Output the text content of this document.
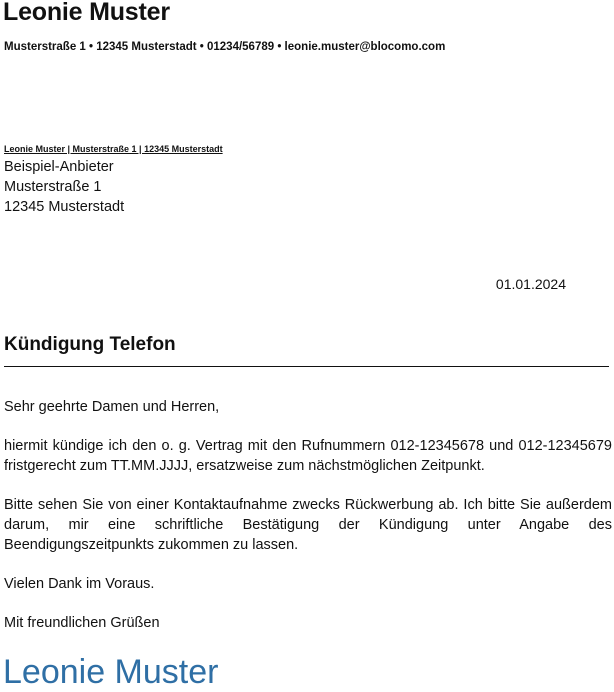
Leonie Muster
Musterstraße 1 • 12345 Musterstadt • 01234/56789 • leonie.muster@blocomo.com
Leonie Muster | Musterstraße 1 | 12345 Musterstadt
Beispiel-Anbieter
Musterstraße 1
12345 Musterstadt
01.01.2024
Kündigung Telefon

Sehr geehrte Damen und Herren,

hiermit kündige ich den o. g. Vertrag mit den Rufnummern 012-12345678 und 012-12345679 fristgerecht zum TT.MM.JJJJ, ersatzweise zum nächstmöglichen Zeitpunkt.

Bitte sehen Sie von einer Kontaktaufnahme zwecks Rückwerbung ab. Ich bitte Sie außerdem darum, mir eine schriftliche Bestätigung der Kündigung unter Angabe des Beendigungszeitpunkts zukommen zu lassen.

Vielen Dank im Voraus.

Mit freundlichen Grüßen

Leonie Muster
